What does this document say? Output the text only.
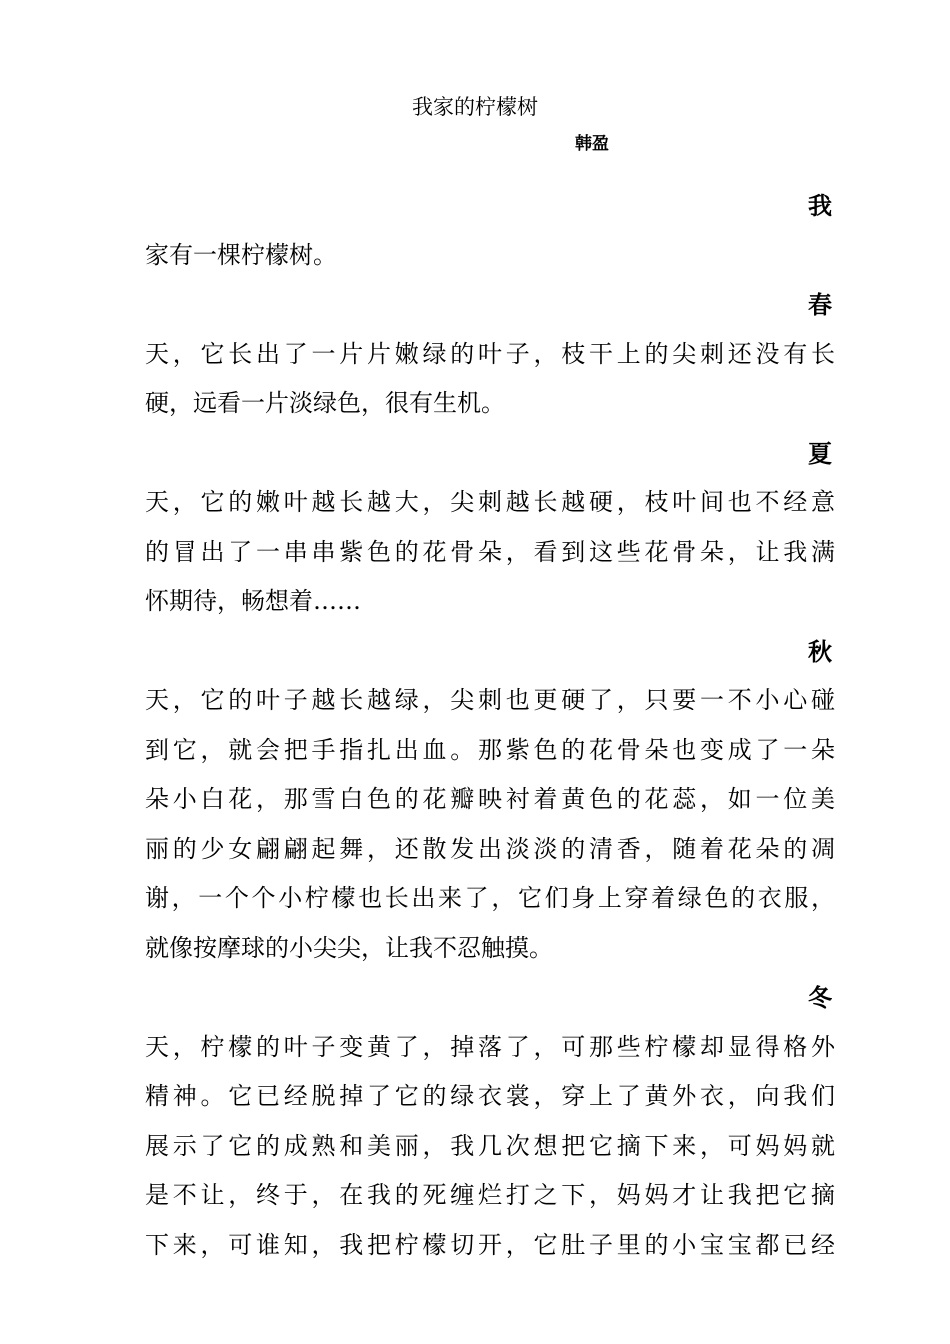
我家的柠檬树
韩盈

我

家有一棵柠檬树。

春

天，它长出了一片片嫩绿的叶子，枝干上的尖刺还没有长

硬，远看一片淡绿色，很有生机。

夏

天，它的嫩叶越长越大，尖刺越长越硬，枝叶间也不经意

的冒出了一串串紫色的花骨朵，看到这些花骨朵，让我满

怀期待，畅想着……

秋

天，它的叶子越长越绿，尖刺也更硬了，只要一不小心碰

到它，就会把手指扎出血。那紫色的花骨朵也变成了一朵

朵小白花，那雪白色的花瓣映衬着黄色的花蕊，如一位美

丽的少女翩翩起舞，还散发出淡淡的清香，随着花朵的凋

谢，一个个小柠檬也长出来了，它们身上穿着绿色的衣服，

就像按摩球的小尖尖，让我不忍触摸。

冬

天，柠檬的叶子变黄了，掉落了，可那些柠檬却显得格外

精神。它已经脱掉了它的绿衣裳，穿上了黄外衣，向我们

展示了它的成熟和美丽，我几次想把它摘下来，可妈妈就

是不让，终于，在我的死缠烂打之下，妈妈才让我把它摘

下来，可谁知，我把柠檬切开，它肚子里的小宝宝都已经
